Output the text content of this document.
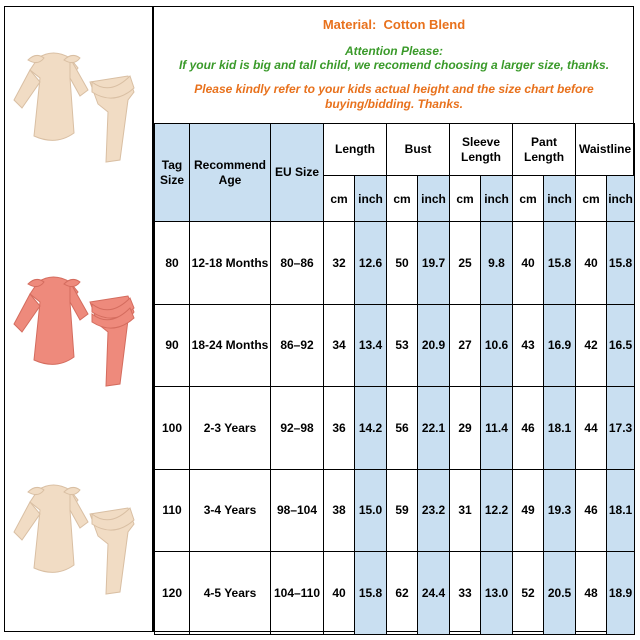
Material: Cotton Blend
Attention Please:
If your kid is big and tall child, we recomend choosing a larger size, thanks.
Please kindly refer to your kids actual height and the size chart before
buying/bidding. Thanks.
Tag Size	Recommend Age	EU Size	Length		Bust		Sleeve Length		Pant Length		Waistline	
			cm	inch	cm	inch	cm	inch	cm	inch	cm	inch
80	12-18 Months	80–86	32	12.6	50	19.7	25	9.8	40	15.8	40	15.8
90	18-24 Months	86–92	34	13.4	53	20.9	27	10.6	43	16.9	42	16.5
100	2-3 Years	92–98	36	14.2	56	22.1	29	11.4	46	18.1	44	17.3
110	3-4 Years	98–104	38	15.0	59	23.2	31	12.2	49	19.3	46	18.1
120	4-5 Years	104–110	40	15.8	62	24.4	33	13.0	52	20.5	48	18.9
